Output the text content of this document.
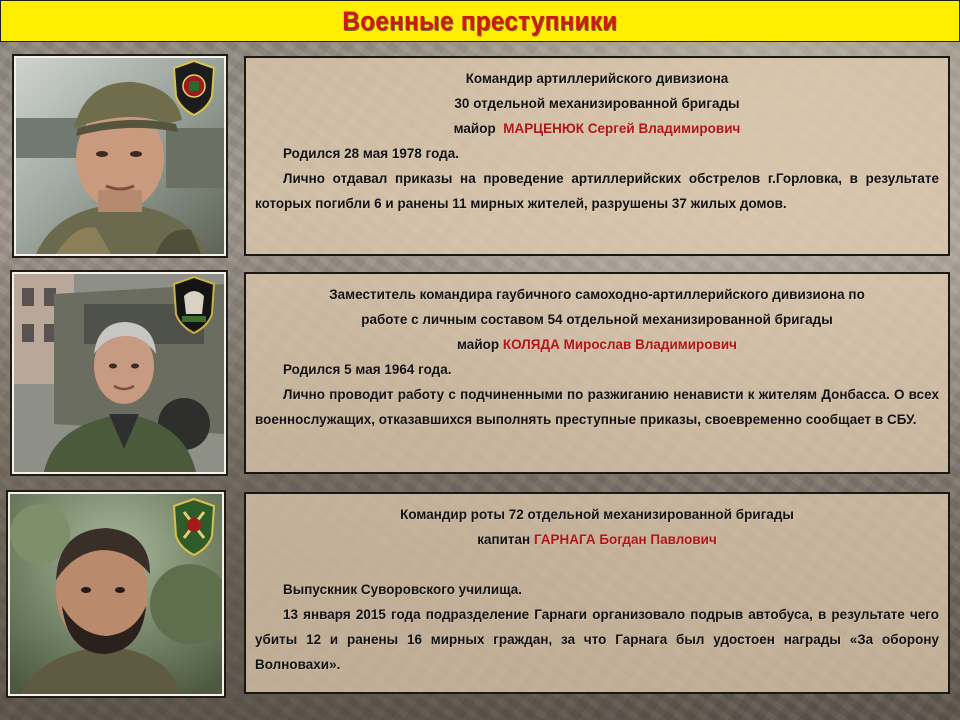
Военные преступники
Командир артиллерийского дивизиона
30 отдельной механизированной бригады
майор МАРЦЕНЮК Сергей Владимирович
Родился 28 мая 1978 года.
Лично отдавал приказы на проведение артиллерийских обстрелов г.Горловка, в результате которых погибли 6 и ранены 11 мирных жителей, разрушены 37 жилых домов.
Заместитель командира гаубичного самоходно-артиллерийского дивизиона по
работе с личным составом 54 отдельной механизированной бригады
майор КОЛЯДА Мирослав Владимирович
Родился 5 мая 1964 года.
Лично проводит работу с подчиненными по разжиганию ненависти к жителям Донбасса. О всех военнослужащих, отказавшихся выполнять преступные приказы, своевременно сообщает в СБУ.
Командир роты 72 отдельной механизированной бригады
капитан ГАРНАГА Богдан Павлович
Выпускник Суворовского училища.
13 января 2015 года подразделение Гарнаги организовало подрыв автобуса, в результате чего убиты 12 и ранены 16 мирных граждан, за что Гарнага был удостоен награды «За оборону Волновахи».
